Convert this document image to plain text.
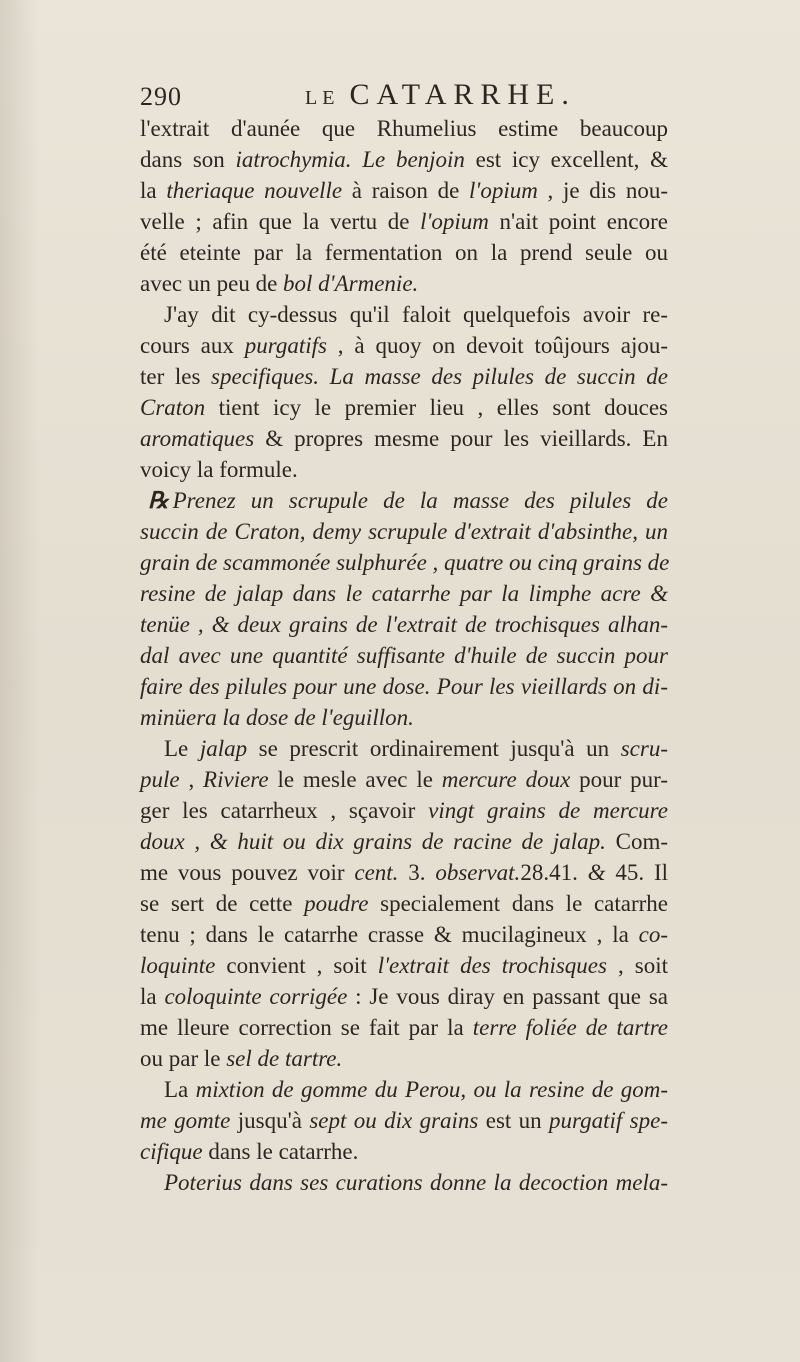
290	LE CATARRHE.
l'extrait d'aunée que Rhumelius estime beaucoup
dans son iatrochymia. Le benjoin est icy excellent, &
la theriaque nouvelle à raison de l'opium , je dis nou-
velle ; afin que la vertu de l'opium n'ait point encore
été eteinte par la fermentation on la prend seule ou
avec un peu de bol d'Armenie.
J'ay dit cy-dessus qu'il faloit quelquefois avoir re-
cours aux purgatifs , à quoy on devoit toûjours ajou-
ter les specifiques. La masse des pilules de succin de
Craton tient icy le premier lieu , elles sont douces
aromatiques & propres mesme pour les vieillards. En
voicy la formule.
℞ Prenez un scrupule de la masse des pilules de
succin de Craton, demy scrupule d'extrait d'absinthe, un
grain de scammonée sulphurée , quatre ou cinq grains de
resine de jalap dans le catarrhe par la limphe acre &
tenüe , & deux grains de l'extrait de trochisques alhan-
dal avec une quantité suffisante d'huile de succin pour
faire des pilules pour une dose. Pour les vieillards on di-
minüera la dose de l'eguillon.
Le jalap se prescrit ordinairement jusqu'à un scru-
pule , Riviere le mesle avec le mercure doux pour pur-
ger les catarrheux , sçavoir vingt grains de mercure
doux , & huit ou dix grains de racine de jalap. Com-
me vous pouvez voir cent. 3. observat.28.41. & 45. Il
se sert de cette poudre specialement dans le catarrhe
tenu ; dans le catarrhe crasse & mucilagineux , la co-
loquinte convient , soit l'extrait des trochisques , soit
la coloquinte corrigée : Je vous diray en passant que sa
me lleure correction se fait par la terre foliée de tartre
ou par le sel de tartre.
La mixtion de gomme du Perou, ou la resine de gom-
me gomte jusqu'à sept ou dix grains est un purgatif spe-
cifique dans le catarrhe.
Poterius dans ses curations donne la decoction mela-
